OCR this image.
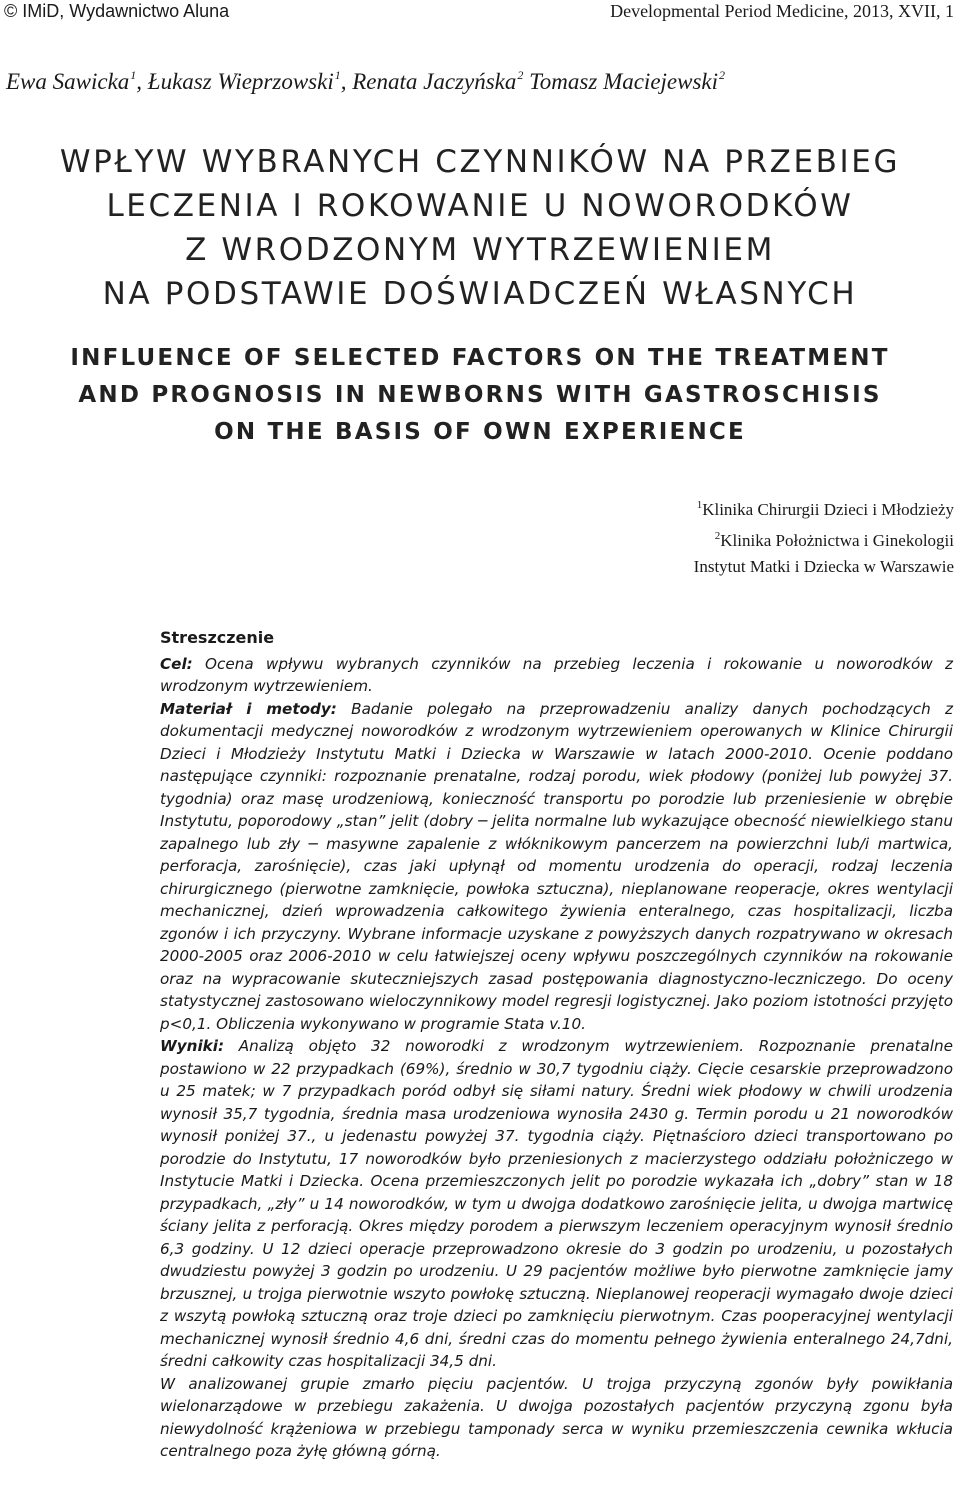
© IMiD, Wydawnictwo Aluna	Developmental Period Medicine, 2013, XVII, 1
Ewa Sawicka$^1$, Łukasz Wieprzowski$^1$, Renata Jaczyńska$^2$ Tomasz Maciejewski$^2$
WPŁYW WYBRANYCH CZYNNIKÓW NA PRZEBIEG
LECZENIA I ROKOWANIE U NOWORODKÓW
Z WRODZONYM WYTRZEWIENIEM
NA PODSTAWIE DOŚWIADCZEŃ WŁASNYCH
INFLUENCE OF SELECTED FACTORS ON THE TREATMENT
AND PROGNOSIS IN NEWBORNS WITH GASTROSCHISIS
ON THE BASIS OF OWN EXPERIENCE
$^1$Klinika Chirurgii Dzieci i Młodzieży
$^2$Klinika Położnictwa i Ginekologii
Instytut Matki i Dziecka w Warszawie
Streszczenie

Cel: Ocena wpływu wybranych czynników na przebieg leczenia i rokowanie u noworodków z wrodzonym wytrzewieniem.

Materiał i metody: Badanie polegało na przeprowadzeniu analizy danych pochodzących z dokumentacji medycznej noworodków z wrodzonym wytrzewieniem operowanych w Klinice Chirurgii Dzieci i Młodzieży Instytutu Matki i Dziecka w Warszawie w latach 2000-2010. Ocenie poddano następujące czynniki: rozpoznanie prenatalne, rodzaj porodu, wiek płodowy (poniżej lub powyżej 37. tygodnia) oraz masę urodzeniową, konieczność transportu po porodzie lub przeniesienie w obrębie Instytutu, poporodowy „stan” jelit (dobry ─ jelita normalne lub wykazujące obecność niewielkiego stanu zapalnego lub zły ─ masywne zapalenie z włóknikowym pancerzem na powierzchni lub/i martwica, perforacja, zarośnięcie), czas jaki upłynął od momentu urodzenia do operacji, rodzaj leczenia chirurgicznego (pierwotne zamknięcie, powłoka sztuczna), nieplanowane reoperacje, okres wentylacji mechanicznej, dzień wprowadzenia całkowitego żywienia enteralnego, czas hospitalizacji, liczba zgonów i ich przyczyny. Wybrane informacje uzyskane z powyższych danych rozpatrywano w okresach 2000-2005 oraz 2006-2010 w celu łatwiejszej oceny wpływu poszczególnych czynników na rokowanie oraz na wypracowanie skuteczniejszych zasad postępowania diagnostyczno-leczniczego. Do oceny statystycznej zastosowano wieloczynnikowy model regresji logistycznej. Jako poziom istotności przyjęto p<0,1. Obliczenia wykonywano w programie Stata v.10.

Wyniki: Analizą objęto 32 noworodki z wrodzonym wytrzewieniem. Rozpoznanie prenatalne postawiono w 22 przypadkach (69%), średnio w 30,7 tygodniu ciąży. Cięcie cesarskie przeprowadzono u 25 matek; w 7 przypadkach poród odbył się siłami natury. Średni wiek płodowy w chwili urodzenia wynosił 35,7 tygodnia, średnia masa urodzeniowa wynosiła 2430 g. Termin porodu u 21 noworodków wynosił poniżej 37., u jedenastu powyżej 37. tygodnia ciąży. Piętnaścioro dzieci transportowano po porodzie do Instytutu, 17 noworodków było przeniesionych z macierzystego oddziału położniczego w Instytucie Matki i Dziecka. Ocena przemieszczonych jelit po porodzie wykazała ich „dobry” stan w 18 przypadkach, „zły” u 14 noworodków, w tym u dwojga dodatkowo zarośnięcie jelita, u dwojga martwicę ściany jelita z perforacją. Okres między porodem a pierwszym leczeniem operacyjnym wynosił średnio 6,3 godziny. U 12 dzieci operacje przeprowadzono okresie do 3 godzin po urodzeniu, u pozostałych dwudziestu powyżej 3 godzin po urodzeniu. U 29 pacjentów możliwe było pierwotne zamknięcie jamy brzusznej, u trojga pierwotnie wszyto powłokę sztuczną. Nieplanowej reoperacji wymagało dwoje dzieci z wszytą powłoką sztuczną oraz troje dzieci po zamknięciu pierwotnym. Czas pooperacyjnej wentylacji mechanicznej wynosił średnio 4,6 dni, średni czas do momentu pełnego żywienia enteralnego 24,7dni, średni całkowity czas hospitalizacji 34,5 dni.

W analizowanej grupie zmarło pięciu pacjentów. U trojga przyczyną zgonów były powikłania wielonarządowe w przebiegu zakażenia. U dwojga pozostałych pacjentów przyczyną zgonu była niewydolność krążeniowa w przebiegu tamponady serca w wyniku przemieszczenia cewnika wkłucia centralnego poza żyłę główną górną.
